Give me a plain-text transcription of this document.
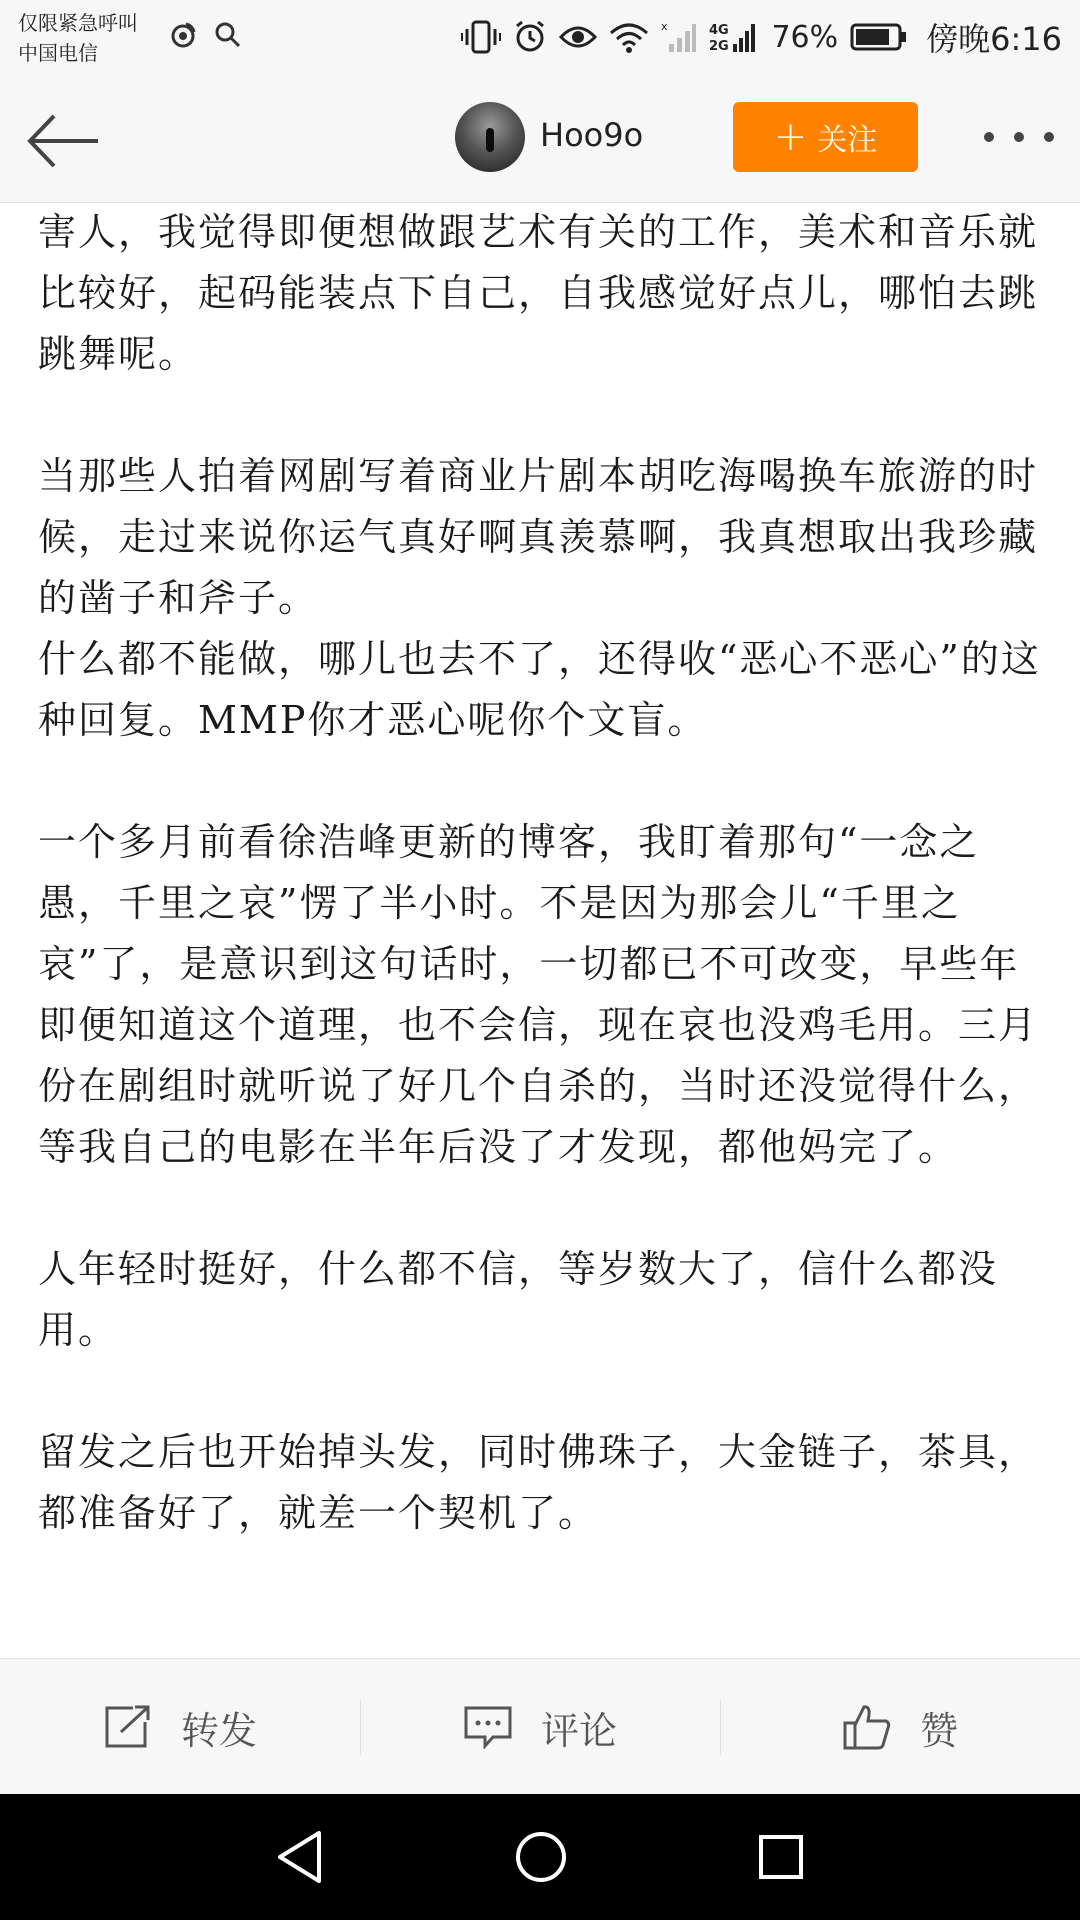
仅限紧急呼叫
中国电信
x	4G
2G 76%	傍晚6:16
Hoo9o	+ 关注

害人，我觉得即便想做跟艺术有关的工作，美术和音乐就比较好，起码能装点下自己，自我感觉好点儿，哪怕去跳跳舞呢。

当那些人拍着网剧写着商业片剧本胡吃海喝换车旅游的时候，走过来说你运气真好啊真羡慕啊，我真想取出我珍藏的凿子和斧子。

什么都不能做，哪儿也去不了，还得收“恶心不恶心”的这种回复。MMP你才恶心呢你个文盲。

一个多月前看徐浩峰更新的博客，我盯着那句“一念之愚，千里之哀”愣了半小时。不是因为那会儿“千里之哀”了，是意识到这句话时，一切都已不可改变，早些年即便知道这个道理，也不会信，现在哀也没鸡毛用。三月份在剧组时就听说了好几个自杀的，当时还没觉得什么，等我自己的电影在半年后没了才发现，都他妈完了。

人年轻时挺好，什么都不信，等岁数大了，信什么都没用。

留发之后也开始掉头发，同时佛珠子，大金链子，茶具，都准备好了，就差一个契机了。

转发	评论	赞
